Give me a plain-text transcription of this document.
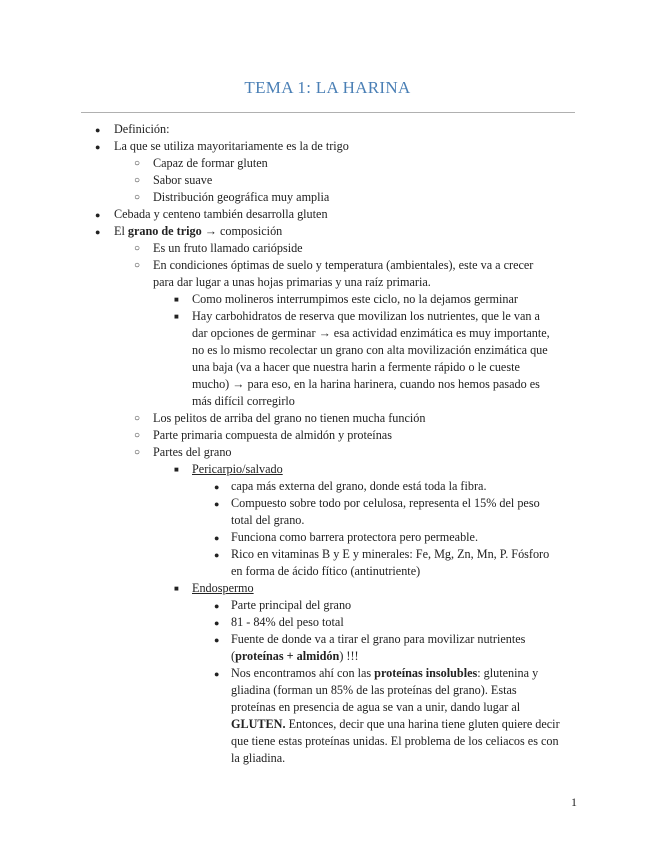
TEMA 1: LA HARINA
● Definición:
● La que se utiliza mayoritariamente es la de trigo
○ Capaz de formar gluten
○ Sabor suave
○ Distribución geográfica muy amplia
● Cebada y centeno también desarrolla gluten
● El grano de trigo → composición
○ Es un fruto llamado cariópside
○ En condiciones óptimas de suelo y temperatura (ambientales), este va a crecer
para dar lugar a unas hojas primarias y una raíz primaria.
■ Como molineros interrumpimos este ciclo, no la dejamos germinar
■ Hay carbohidratos de reserva que movilizan los nutrientes, que le van a
dar opciones de germinar → esa actividad enzimática es muy importante,
no es lo mismo recolectar un grano con alta movilización enzimática que
una baja (va a hacer que nuestra harin a fermente rápido o le cueste
mucho) → para eso, en la harina harinera, cuando nos hemos pasado es
más difícil corregirlo
○ Los pelitos de arriba del grano no tienen mucha función
○ Parte primaria compuesta de almidón y proteínas
○ Partes del grano
■ Pericarpio/salvado
● capa más externa del grano, donde está toda la fibra.
● Compuesto sobre todo por celulosa, representa el 15% del peso
total del grano.
● Funciona como barrera protectora pero permeable.
● Rico en vitaminas B y E y minerales: Fe, Mg, Zn, Mn, P. Fósforo
en forma de ácido fítico (antinutriente)
■ Endospermo
● Parte principal del grano
● 81 - 84% del peso total
● Fuente de donde va a tirar el grano para movilizar nutrientes
(proteínas + almidón) !!!
● Nos encontramos ahí con las proteínas insolubles: glutenina y
gliadina (forman un 85% de las proteínas del grano). Estas
proteínas en presencia de agua se van a unir, dando lugar al
GLUTEN. Entonces, decir que una harina tiene gluten quiere decir
que tiene estas proteínas unidas. El problema de los celiacos es con
la gliadina.
1
